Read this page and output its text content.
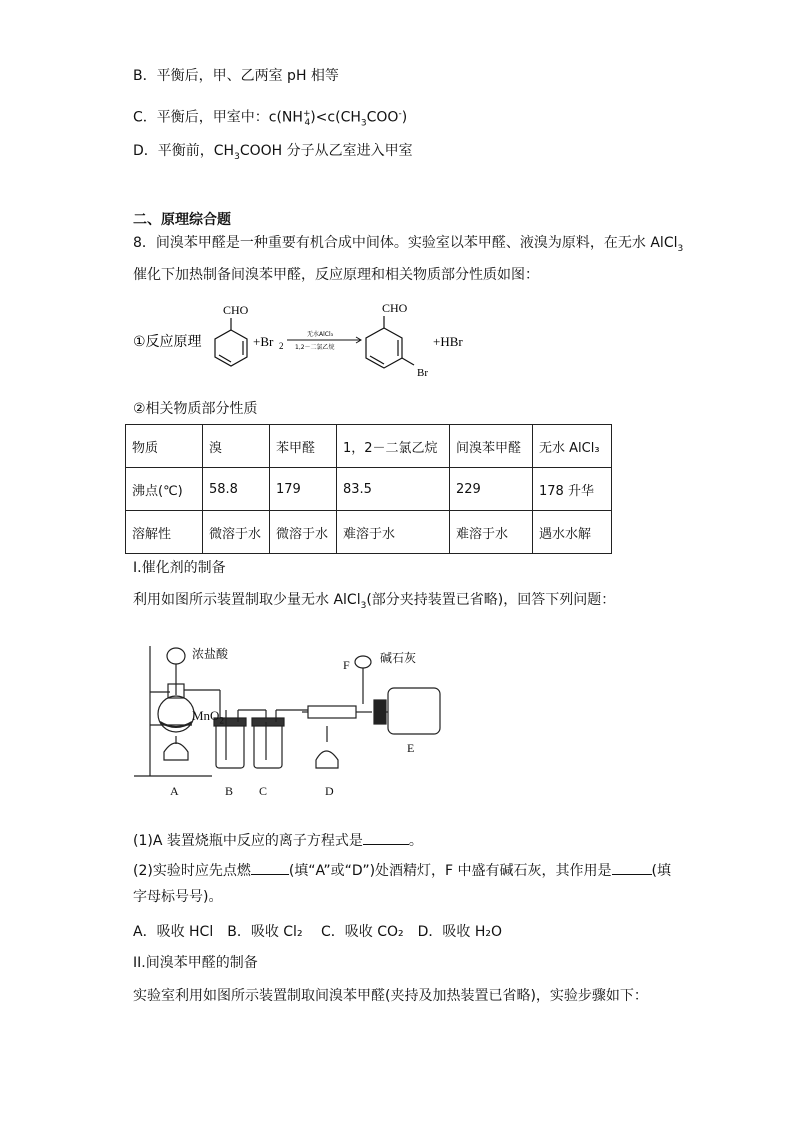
B．平衡后，甲、乙两室 pH 相等
C．平衡后，甲室中：$c(NH^+_4)<c(CH_3COO^-)$
D．平衡前，$CH_3COOH$ 分子从乙室进入甲室
二、原理综合题
8．间溴苯甲醛是一种重要有机合成中间体。实验室以苯甲醛、液溴为原料，在无水 AlCl$_3$
催化下加热制备间溴苯甲醛，反应原理和相关物质部分性质如图：
①反应原理
CHO
+Br 2
无水AlCl₃
1,2－二氯乙烷
CHO
Br
+HBr
②相关物质部分性质
物质	溴	苯甲醛	1，2－二氯乙烷	间溴苯甲醛	无水 AlCl₃
沸点(℃)	58.8	179	83.5	229	178 升华
溶解性	微溶于水	微溶于水	难溶于水	难溶于水	遇水水解
I.催化剂的制备
利用如图所示装置制取少量无水 AlCl$_3$(部分夹持装置已省略)，回答下列问题：
浓盐酸
MnO$_2$
F	碱石灰
A	B C	D
E
(1)A 装置烧瓶中反应的离子方程式是	。
(2)实验时应先点燃	(填“A”或“D”)处酒精灯，F 中盛有碱石灰，其作用是	(填
字母标号号)。
A．吸收 HCl　B．吸收 Cl₂　 C．吸收 CO₂　D．吸收 H₂O
II.间溴苯甲醛的制备
实验室利用如图所示装置制取间溴苯甲醛(夹持及加热装置已省略)，实验步骤如下：
